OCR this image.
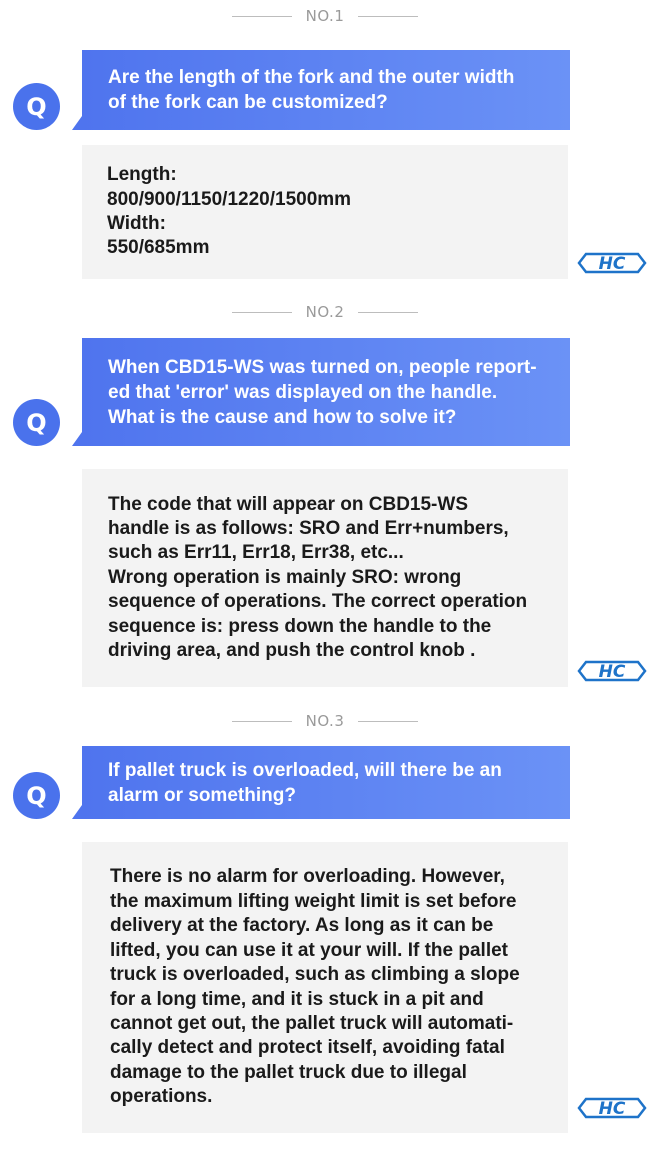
NO.1
Q
Are the length of the fork and the outer width
of the fork can be customized?
Length:
800/900/1150/1220/1500mm
Width:
550/685mm
HC
NO.2
Q
When CBD15-WS was turned on, people report-
ed that 'error' was displayed on the handle.
What is the cause and how to solve it?
The code that will appear on CBD15-WS
handle is as follows: SRO and Err+numbers,
such as Err11, Err18, Err38, etc...
Wrong operation is mainly SRO: wrong
sequence of operations. The correct operation
sequence is: press down the handle to the
driving area, and push the control knob .
HC
NO.3
Q
If pallet truck is overloaded, will there be an
alarm or something?
There is no alarm for overloading. However,
the maximum lifting weight limit is set before
delivery at the factory. As long as it can be
lifted, you can use it at your will. If the pallet
truck is overloaded, such as climbing a slope
for a long time, and it is stuck in a pit and
cannot get out, the pallet truck will automati-
cally detect and protect itself, avoiding fatal
damage to the pallet truck due to illegal
operations.
HC
